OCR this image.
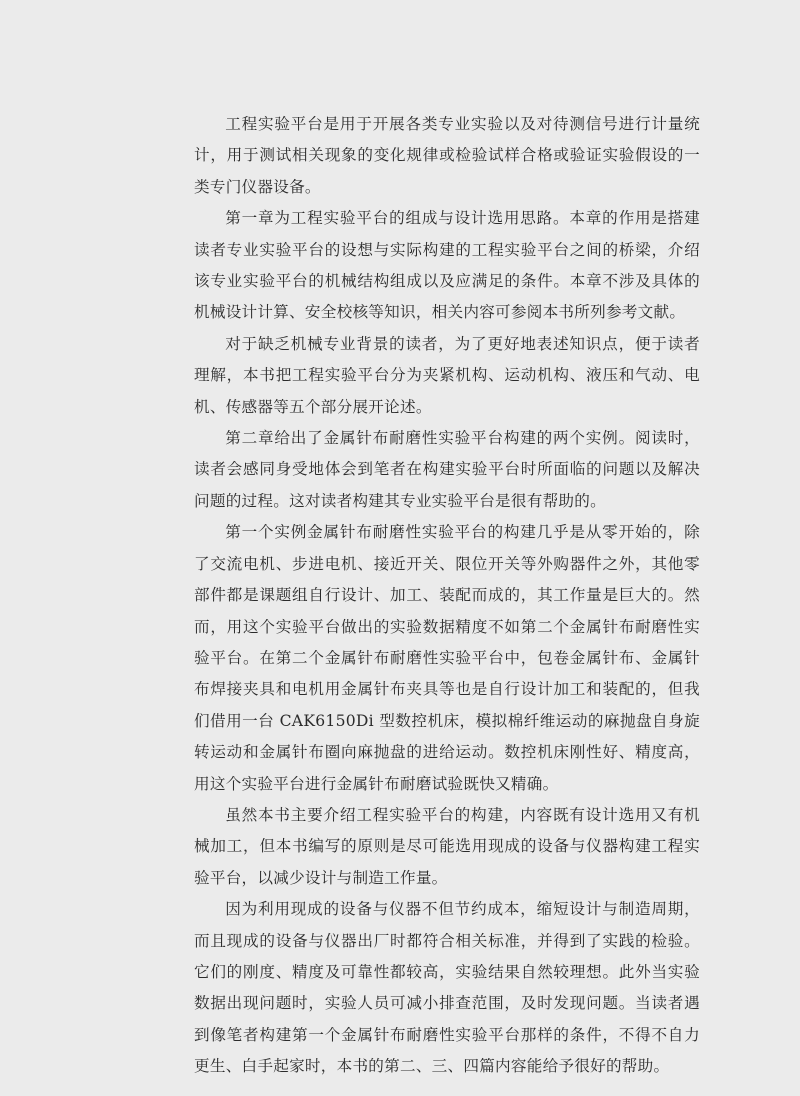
工程实验平台是用于开展各类专业实验以及对待测信号进行计量统计，用于测试相关现象的变化规律或检验试样合格或验证实验假设的一类专门仪器设备。

第一章为工程实验平台的组成与设计选用思路。本章的作用是搭建读者专业实验平台的设想与实际构建的工程实验平台之间的桥梁，介绍该专业实验平台的机械结构组成以及应满足的条件。本章不涉及具体的机械设计计算、安全校核等知识，相关内容可参阅本书所列参考文献。

对于缺乏机械专业背景的读者，为了更好地表述知识点，便于读者理解，本书把工程实验平台分为夹紧机构、运动机构、液压和气动、电机、传感器等五个部分展开论述。

第二章给出了金属针布耐磨性实验平台构建的两个实例。阅读时，读者会感同身受地体会到笔者在构建实验平台时所面临的问题以及解决问题的过程。这对读者构建其专业实验平台是很有帮助的。

第一个实例金属针布耐磨性实验平台的构建几乎是从零开始的，除了交流电机、步进电机、接近开关、限位开关等外购器件之外，其他零部件都是课题组自行设计、加工、装配而成的，其工作量是巨大的。然而，用这个实验平台做出的实验数据精度不如第二个金属针布耐磨性实验平台。在第二个金属针布耐磨性实验平台中，包卷金属针布、金属针布焊接夹具和电机用金属针布夹具等也是自行设计加工和装配的，但我们借用一台 CAK6150Di 型数控机床，模拟棉纤维运动的麻抛盘自身旋转运动和金属针布圈向麻抛盘的进给运动。数控机床刚性好、精度高，用这个实验平台进行金属针布耐磨试验既快又精确。

虽然本书主要介绍工程实验平台的构建，内容既有设计选用又有机械加工，但本书编写的原则是尽可能选用现成的设备与仪器构建工程实验平台，以减少设计与制造工作量。

因为利用现成的设备与仪器不但节约成本，缩短设计与制造周期，而且现成的设备与仪器出厂时都符合相关标准，并得到了实践的检验。它们的刚度、精度及可靠性都较高，实验结果自然较理想。此外当实验数据出现问题时，实验人员可减小排查范围，及时发现问题。当读者遇到像笔者构建第一个金属针布耐磨性实验平台那样的条件，不得不自力更生、白手起家时，本书的第二、三、四篇内容能给予很好的帮助。
